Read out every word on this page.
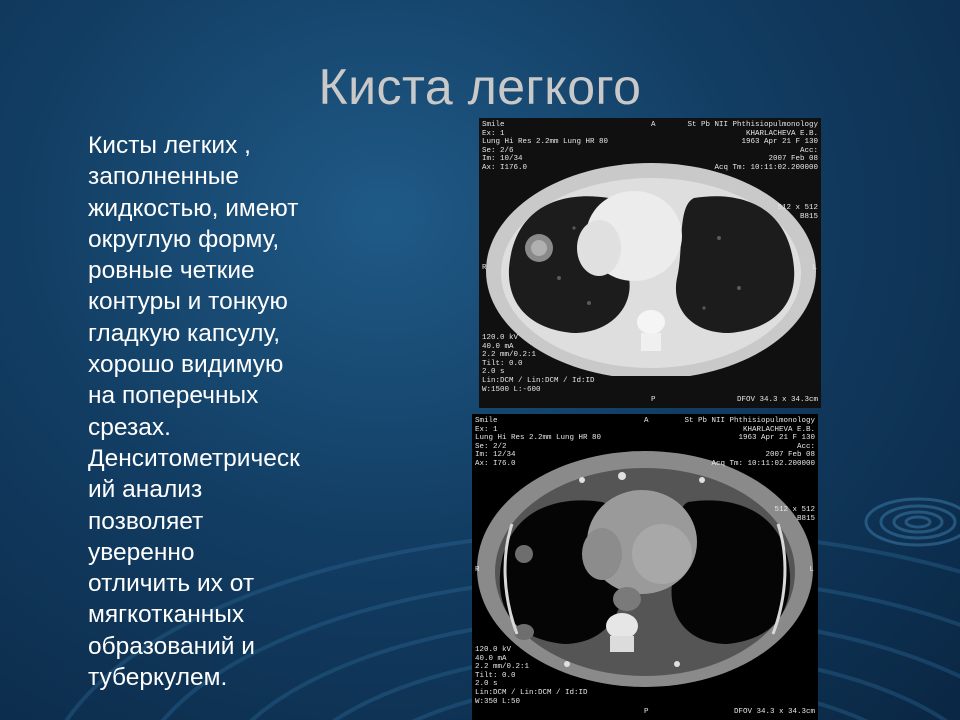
Киста легкого
Кисты легких ,
заполненные
жидкостью, имеют
округлую форму,
ровные четкие
контуры и тонкую
гладкую капсулу,
хорошо видимую
на поперечных
срезах.
Денситометрическ
ий анализ
позволяет
уверенно
отличить их от
мягкотканных
образований и
туберкулем.
Smile
Ex: 1
Lung Hi Res 2.2mm Lung HR 80
Se: 2/6
Im: 10/34
Ax: I176.0
A	St Pb NII Phthisiopulmonology
KHARLACHEVA E.B.
1963 Apr 21 F 130
Acc:
2007 Feb 08
Acq Tm: 10:11:02.200000
512 x 512
B815
R	L
120.0 kV
40.0 mA
2.2 mm/0.2:1
Tilt: 0.0
2.0 s
Lin:DCM / Lin:DCM / Id:ID
W:1500 L:-600
P	DFOV 34.3 x 34.3cm
Smile
Ex: 1
Lung Hi Res 2.2mm Lung HR 80
Se: 2/2
Im: 12/34
Ax: I76.0
A	St Pb NII Phthisiopulmonology
KHARLACHEVA E.B.
1963 Apr 21 F 130
Acc:
2007 Feb 08
Acq Tm: 10:11:02.200000
512 x 512
B815
R	L
120.0 kV
40.0 mA
2.2 mm/0.2:1
Tilt: 0.0
2.0 s
Lin:DCM / Lin:DCM / Id:ID
W:350 L:50
P	DFOV 34.3 x 34.3cm
